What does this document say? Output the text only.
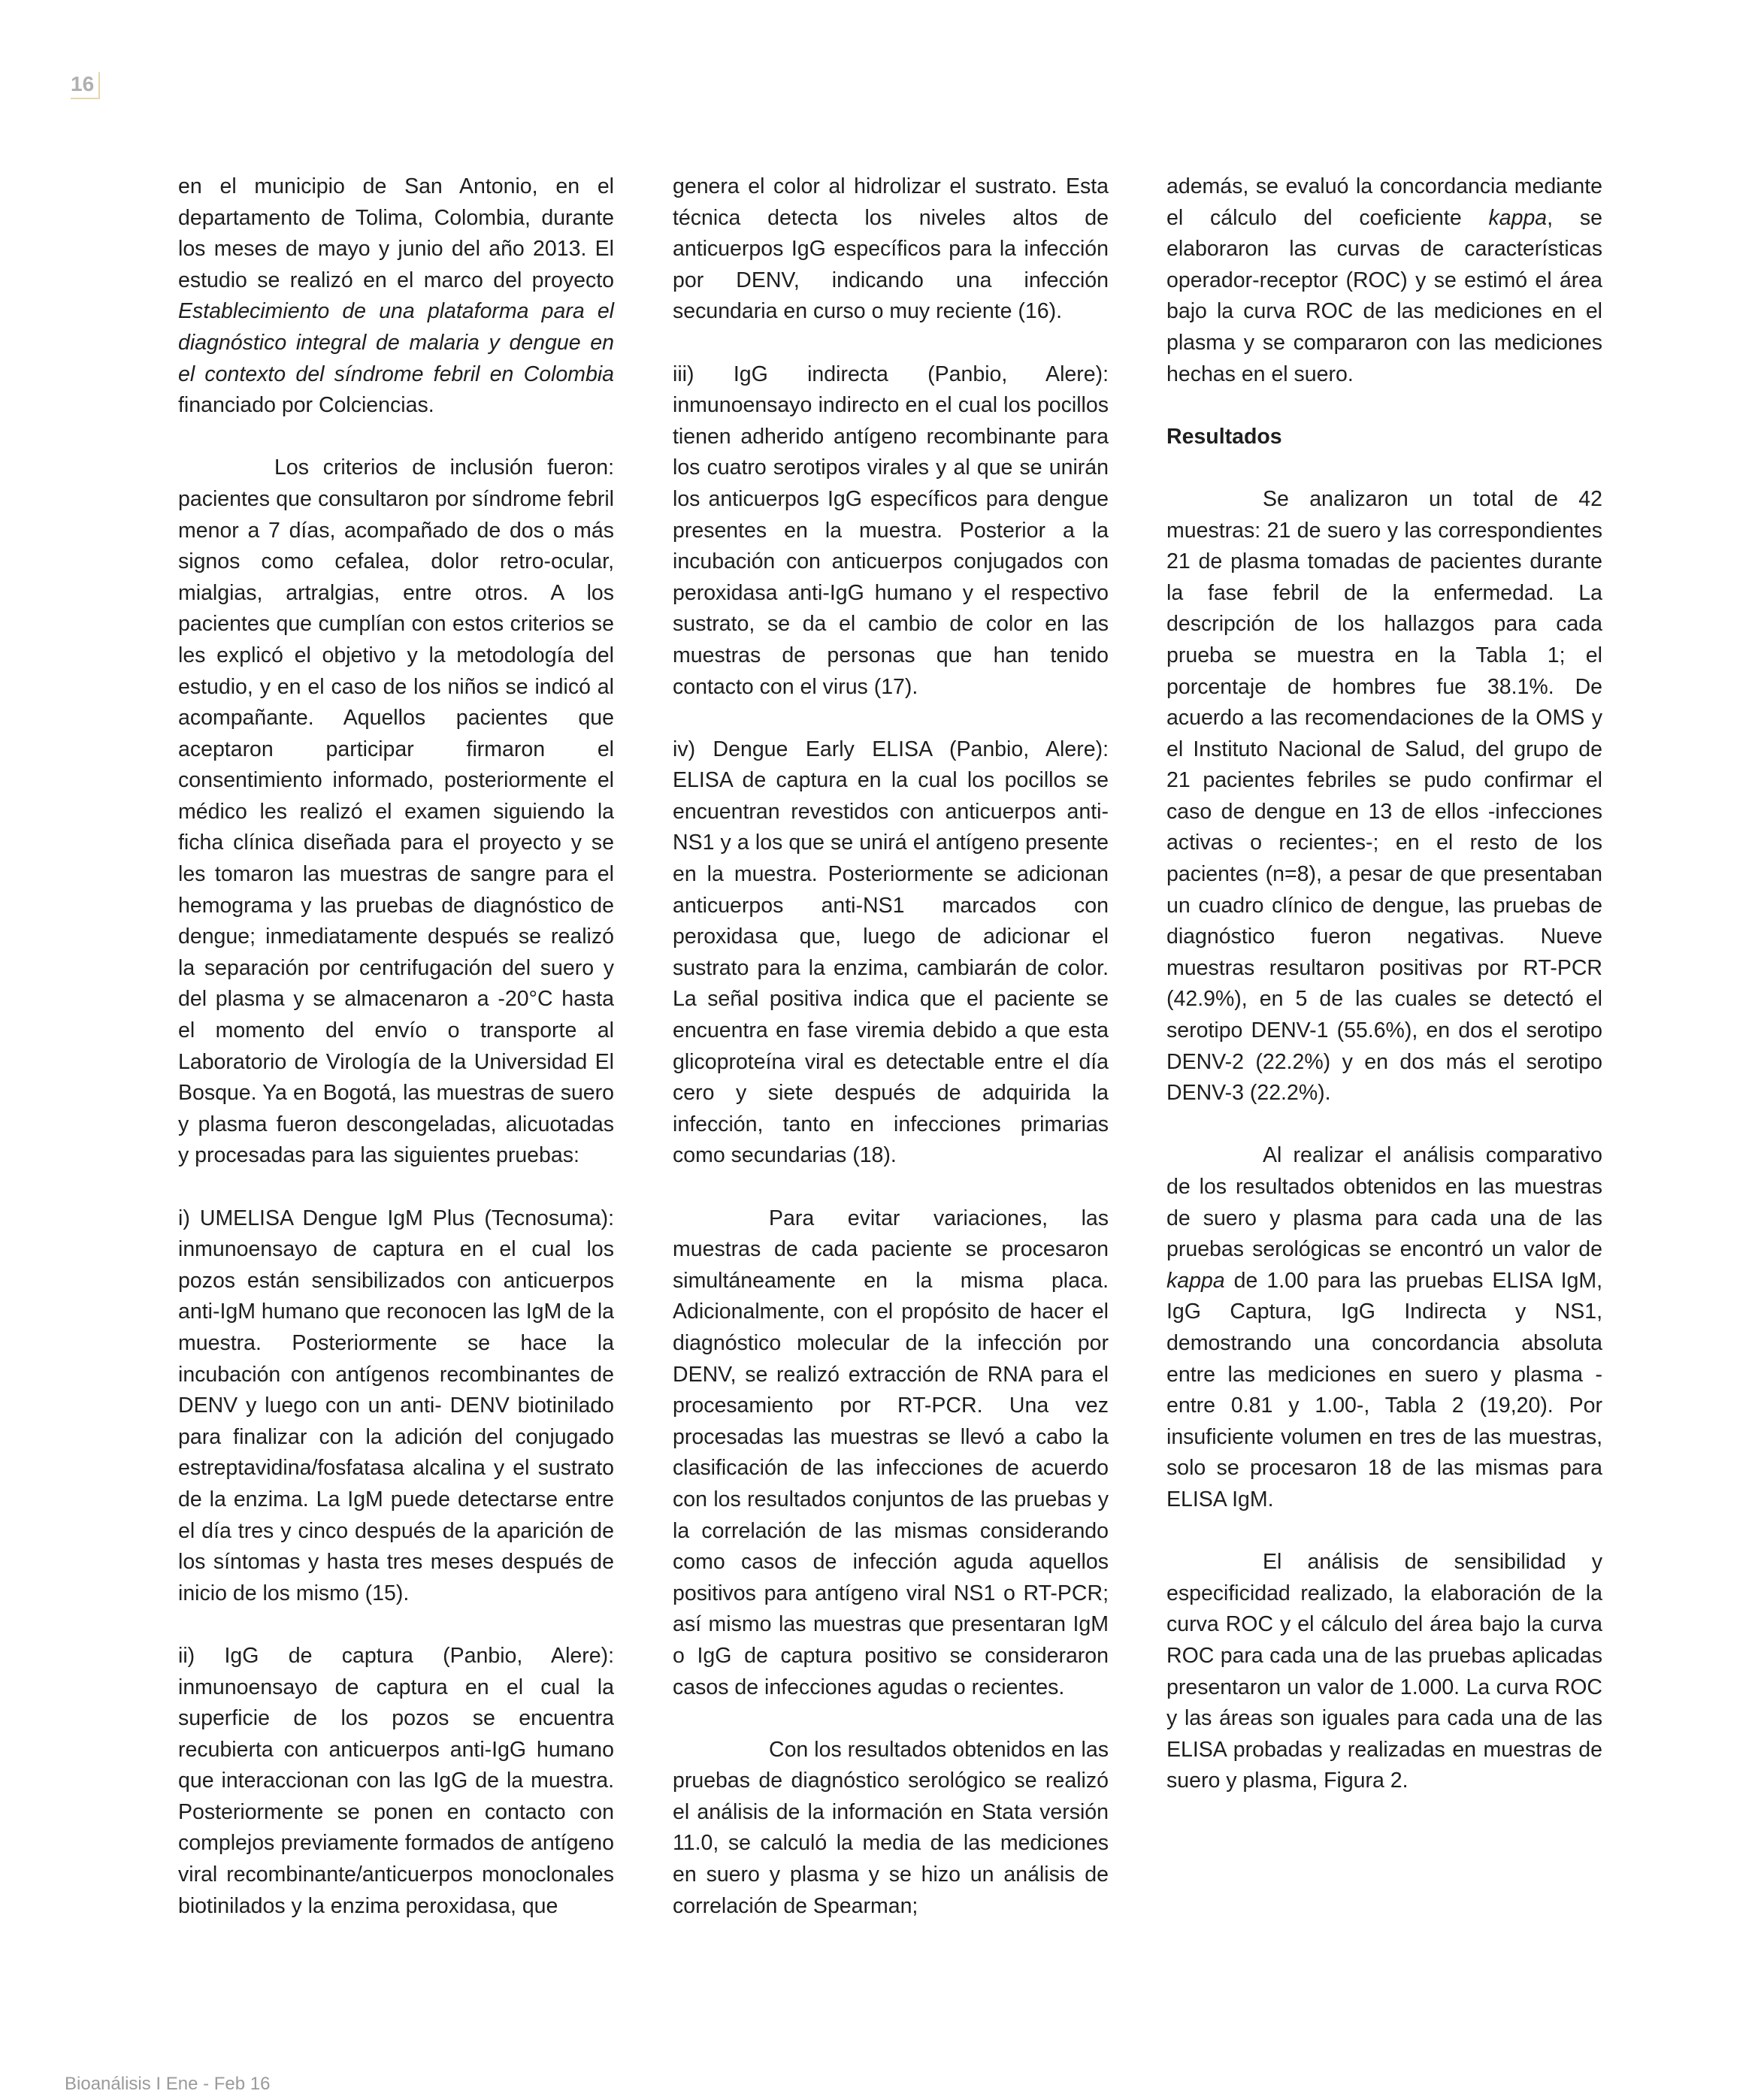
16

en el municipio de San Antonio, en el departamento de Tolima, Colombia, durante los meses de mayo y junio del año 2013. El estudio se realizó en el marco del proyecto Establecimiento de una plataforma para el diagnóstico integral de malaria y dengue en el contexto del síndrome febril en Colombia financiado por Colciencias.

Los criterios de inclusión fueron: pacientes que consultaron por síndrome febril menor a 7 días, acompañado de dos o más signos como cefalea, dolor retro-ocular, mialgias, artralgias, entre otros. A los pacientes que cumplían con estos criterios se les explicó el objetivo y la metodología del estudio, y en el caso de los niños se indicó al acompañante. Aquellos pacientes que aceptaron participar firmaron el consentimiento informado, posteriormente el médico les realizó el examen siguiendo la ficha clínica diseñada para el proyecto y se les tomaron las muestras de sangre para el hemograma y las pruebas de diagnóstico de dengue; inmediatamente después se realizó la separación por centrifugación del suero y del plasma y se almacenaron a -20°C hasta el momento del envío o transporte al Laboratorio de Virología de la Universidad El Bosque. Ya en Bogotá, las muestras de suero y plasma fueron descongeladas, alicuotadas y procesadas para las siguientes pruebas:

i) UMELISA Dengue IgM Plus (Tecnosuma): inmunoensayo de captura en el cual los pozos están sensibilizados con anticuerpos anti-IgM humano que reconocen las IgM de la muestra. Posteriormente se hace la incubación con antígenos recombinantes de DENV y luego con un anti- DENV biotinilado para finalizar con la adición del conjugado estreptavidina/fosfatasa alcalina y el sustrato de la enzima. La IgM puede detectarse entre el día tres y cinco después de la aparición de los síntomas y hasta tres meses después de inicio de los mismo (15).

ii) IgG de captura (Panbio, Alere): inmunoensayo de captura en el cual la superficie de los pozos se encuentra recubierta con anticuerpos anti-IgG humano que interaccionan con las IgG de la muestra. Posteriormente se ponen en contacto con complejos previamente formados de antígeno viral recombinante/anticuerpos monoclonales biotinilados y la enzima peroxidasa, que

genera el color al hidrolizar el sustrato. Esta técnica detecta los niveles altos de anticuerpos IgG específicos para la infección por DENV, indicando una infección secundaria en curso o muy reciente (16).

iii) IgG indirecta (Panbio, Alere): inmunoensayo indirecto en el cual los pocillos tienen adherido antígeno recombinante para los cuatro serotipos virales y al que se unirán los anticuerpos IgG específicos para dengue presentes en la muestra. Posterior a la incubación con anticuerpos conjugados con peroxidasa anti-IgG humano y el respectivo sustrato, se da el cambio de color en las muestras de personas que han tenido contacto con el virus (17).

iv) Dengue Early ELISA (Panbio, Alere): ELISA de captura en la cual los pocillos se encuentran revestidos con anticuerpos anti-NS1 y a los que se unirá el antígeno presente en la muestra. Posteriormente se adicionan anticuerpos anti-NS1 marcados con peroxidasa que, luego de adicionar el sustrato para la enzima, cambiarán de color. La señal positiva indica que el paciente se encuentra en fase viremia debido a que esta glicoproteína viral es detectable entre el día cero y siete después de adquirida la infección, tanto en infecciones primarias como secundarias (18).

Para evitar variaciones, las muestras de cada paciente se procesaron simultáneamente en la misma placa. Adicionalmente, con el propósito de hacer el diagnóstico molecular de la infección por DENV, se realizó extracción de RNA para el procesamiento por RT-PCR. Una vez procesadas las muestras se llevó a cabo la clasificación de las infecciones de acuerdo con los resultados conjuntos de las pruebas y la correlación de las mismas considerando como casos de infección aguda aquellos positivos para antígeno viral NS1 o RT-PCR; así mismo las muestras que presentaran IgM o IgG de captura positivo se consideraron casos de infecciones agudas o recientes.

Con los resultados obtenidos en las pruebas de diagnóstico serológico se realizó el análisis de la información en Stata versión 11.0, se calculó la media de las mediciones en suero y plasma y se hizo un análisis de correlación de Spearman;

además, se evaluó la concordancia mediante el cálculo del coeficiente kappa, se elaboraron las curvas de características operador-receptor (ROC) y se estimó el área bajo la curva ROC de las mediciones en el plasma y se compararon con las mediciones hechas en el suero.

Resultados

Se analizaron un total de 42 muestras: 21 de suero y las correspondientes 21 de plasma tomadas de pacientes durante la fase febril de la enfermedad. La descripción de los hallazgos para cada prueba se muestra en la Tabla 1; el porcentaje de hombres fue 38.1%. De acuerdo a las recomendaciones de la OMS y el Instituto Nacional de Salud, del grupo de 21 pacientes febriles se pudo confirmar el caso de dengue en 13 de ellos -infecciones activas o recientes-; en el resto de los pacientes (n=8), a pesar de que presentaban un cuadro clínico de dengue, las pruebas de diagnóstico fueron negativas. Nueve muestras resultaron positivas por RT-PCR (42.9%), en 5 de las cuales se detectó el serotipo DENV-1 (55.6%), en dos el serotipo DENV-2 (22.2%) y en dos más el serotipo DENV-3 (22.2%).

Al realizar el análisis comparativo de los resultados obtenidos en las muestras de suero y plasma para cada una de las pruebas serológicas se encontró un valor de kappa de 1.00 para las pruebas ELISA IgM, IgG Captura, IgG Indirecta y NS1, demostrando una concordancia absoluta entre las mediciones en suero y plasma -entre 0.81 y 1.00-, Tabla 2 (19,20). Por insuficiente volumen en tres de las muestras, solo se procesaron 18 de las mismas para ELISA IgM.

El análisis de sensibilidad y especificidad realizado, la elaboración de la curva ROC y el cálculo del área bajo la curva ROC para cada una de las pruebas aplicadas presentaron un valor de 1.000. La curva ROC y las áreas son iguales para cada una de las ELISA probadas y realizadas en muestras de suero y plasma, Figura 2.

Bioanálisis I Ene - Feb 16
